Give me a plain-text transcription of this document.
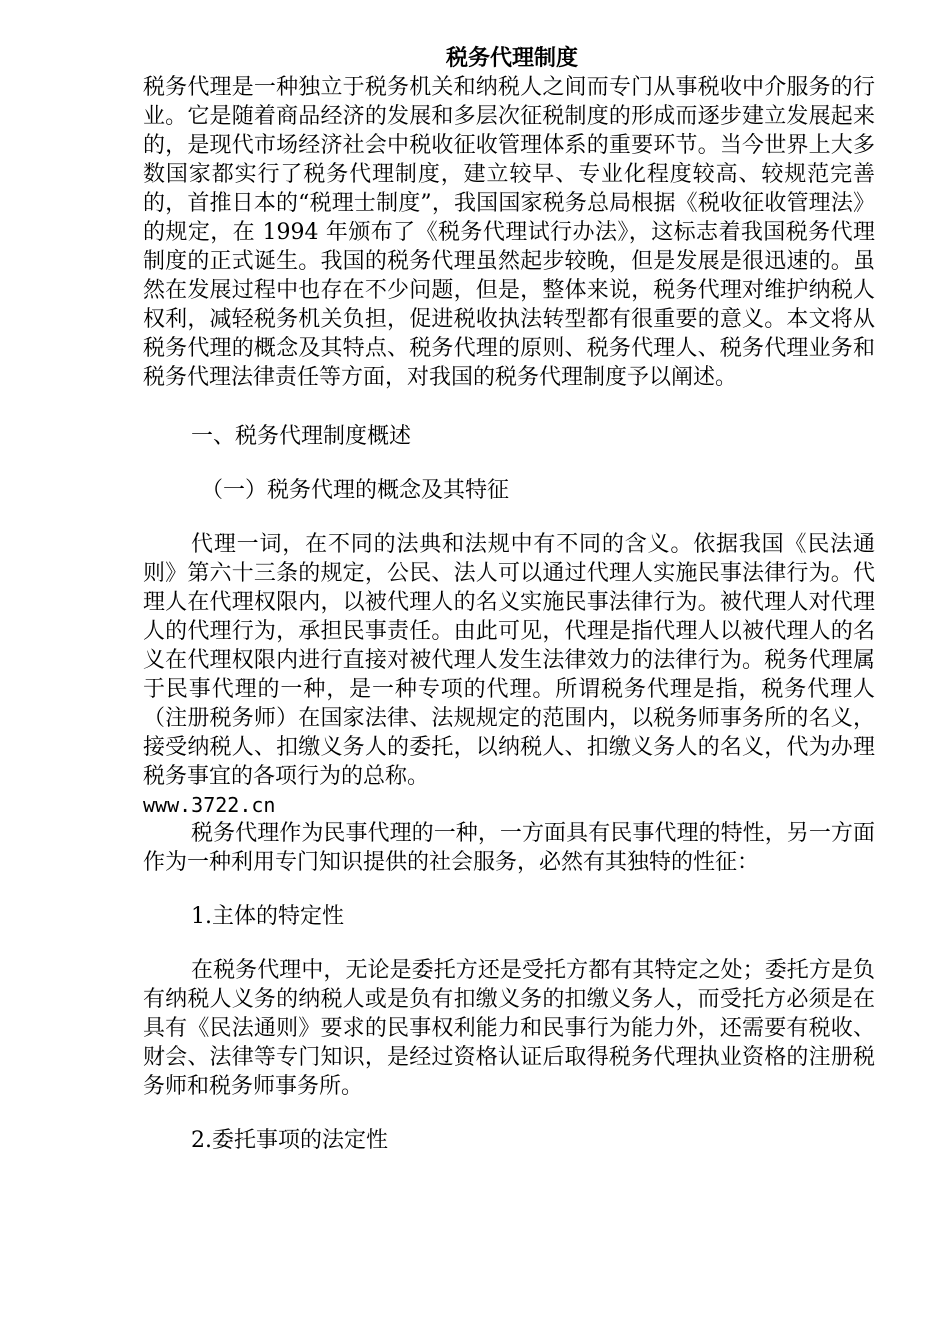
税务代理制度

税务代理是一种独立于税务机关和纳税人之间而专门从事税收中介服务的行业。它是随着商品经济的发展和多层次征税制度的形成而逐步建立发展起来的，是现代市场经济社会中税收征收管理体系的重要环节。当今世界上大多数国家都实行了税务代理制度，建立较早、专业化程度较高、较规范完善的，首推日本的“税理士制度”，我国国家税务总局根据《税收征收管理法》的规定，在 1994 年颁布了《税务代理试行办法》，这标志着我国税务代理制度的正式诞生。我国的税务代理虽然起步较晚，但是发展是很迅速的。虽然在发展过程中也存在不少问题，但是，整体来说，税务代理对维护纳税人权利，减轻税务机关负担，促进税收执法转型都有很重要的意义。本文将从税务代理的概念及其特点、税务代理的原则、税务代理人、税务代理业务和税务代理法律责任等方面，对我国的税务代理制度予以阐述。

一、税务代理制度概述
（一）税务代理的概念及其特征

代理一词，在不同的法典和法规中有不同的含义。依据我国《民法通则》第六十三条的规定，公民、法人可以通过代理人实施民事法律行为。代理人在代理权限内，以被代理人的名义实施民事法律行为。被代理人对代理人的代理行为，承担民事责任。由此可见，代理是指代理人以被代理人的名义在代理权限内进行直接对被代理人发生法律效力的法律行为。税务代理属于民事代理的一种，是一种专项的代理。所谓税务代理是指，税务代理人（注册税务师）在国家法律、法规规定的范围内，以税务师事务所的名义，接受纳税人、扣缴义务人的委托，以纳税人、扣缴义务人的名义，代为办理税务事宜的各项行为的总称。

www.3722.cn

税务代理作为民事代理的一种，一方面具有民事代理的特性，另一方面作为一种利用专门知识提供的社会服务，必然有其独特的性征：

1.主体的特定性

在税务代理中，无论是委托方还是受托方都有其特定之处；委托方是负有纳税人义务的纳税人或是负有扣缴义务的扣缴义务人，而受托方必须是在具有《民法通则》要求的民事权利能力和民事行为能力外，还需要有税收、财会、法律等专门知识，是经过资格认证后取得税务代理执业资格的注册税务师和税务师事务所。

2.委托事项的法定性
